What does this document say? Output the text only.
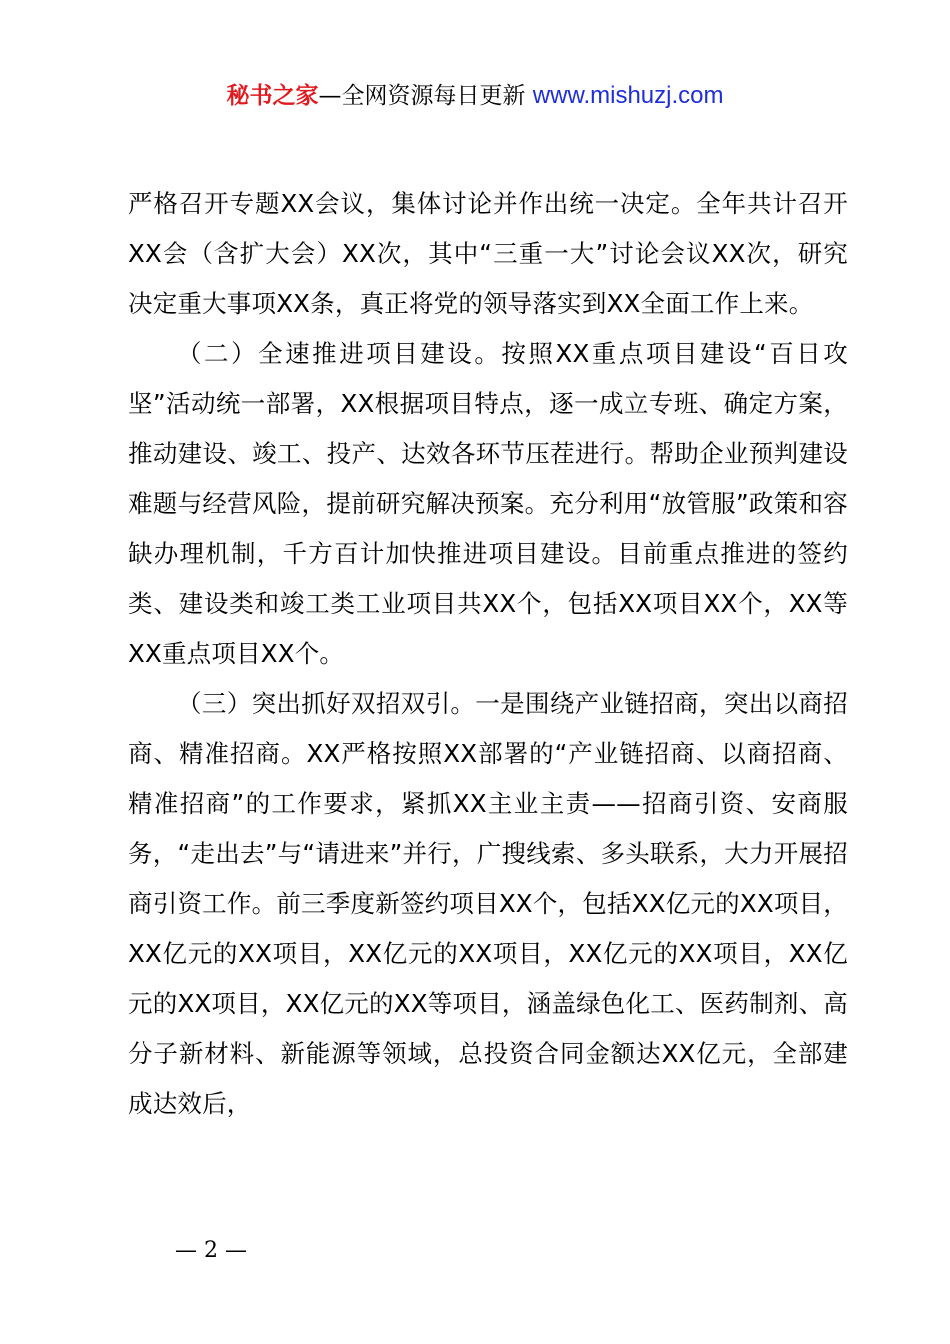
秘书之家—全网资源每日更新 www.mishuzj.com

严格召开专题XX会议，集体讨论并作出统一决定。全年共计召开XX会（含扩大会）XX次，其中“三重一大”讨论会议XX次，研究决定重大事项XX条，真正将党的领导落实到XX全面工作上来。

（二）全速推进项目建设。按照XX重点项目建设“百日攻坚”活动统一部署，XX根据项目特点，逐一成立专班、确定方案，推动建设、竣工、投产、达效各环节压茬进行。帮助企业预判建设难题与经营风险，提前研究解决预案。充分利用“放管服”政策和容缺办理机制，千方百计加快推进项目建设。目前重点推进的签约类、建设类和竣工类工业项目共XX个，包括XX项目XX个，XX等XX重点项目XX个。

（三）突出抓好双招双引。一是围绕产业链招商，突出以商招商、精准招商。XX严格按照XX部署的“产业链招商、以商招商、精准招商”的工作要求，紧抓XX主业主责——招商引资、安商服务，“走出去”与“请进来”并行，广搜线索、多头联系，大力开展招商引资工作。前三季度新签约项目XX个，包括XX亿元的XX项目，XX亿元的XX项目，XX亿元的XX项目，XX亿元的XX项目，XX亿元的XX项目，XX亿元的XX等项目，涵盖绿色化工、医药制剂、高分子新材料、新能源等领域，总投资合同金额达XX亿元，全部建成达效后，

— 2 —
